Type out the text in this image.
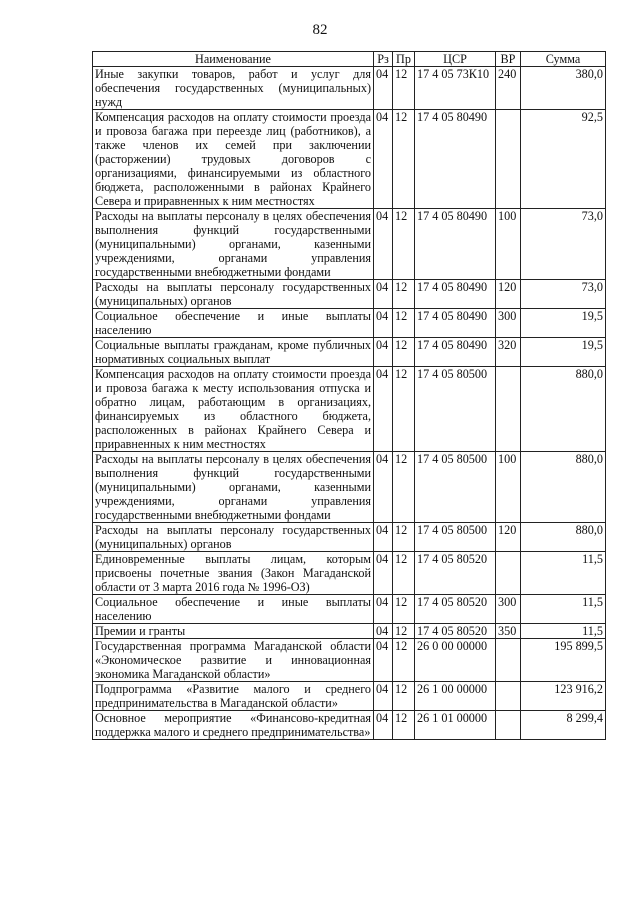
82
Наименование	Рз	Пр	ЦСР	ВР	Сумма
Иные закупки товаров, работ и услуг для обеспечения государственных (муниципальных) нужд	04	12	17 4 05 73К10	240	380,0
Компенсация расходов на оплату стоимости проезда и провоза багажа при переезде лиц (работников), а также членов их семей при заключении (расторжении) трудовых договоров с организациями, финансируемыми из областного бюджета, расположенными в районах Крайнего Севера и приравненных к ним местностях	04	12	17 4 05 80490		92,5
Расходы на выплаты персоналу в целях обеспечения выполнения функций государственными (муниципальными) органами, казенными учреждениями, органами управления государственными внебюджетными фондами	04	12	17 4 05 80490	100	73,0
Расходы на выплаты персоналу государственных (муниципальных) органов	04	12	17 4 05 80490	120	73,0
Социальное обеспечение и иные выплаты населению	04	12	17 4 05 80490	300	19,5
Социальные выплаты гражданам, кроме публичных нормативных социальных выплат	04	12	17 4 05 80490	320	19,5
Компенсация расходов на оплату стоимости проезда и провоза багажа к месту использования отпуска и обратно лицам, работающим в организациях, финансируемых из областного бюджета, расположенных в районах Крайнего Севера и приравненных к ним местностях	04	12	17 4 05 80500		880,0
Расходы на выплаты персоналу в целях обеспечения выполнения функций государственными (муниципальными) органами, казенными учреждениями, органами управления государственными внебюджетными фондами	04	12	17 4 05 80500	100	880,0
Расходы на выплаты персоналу государственных (муниципальных) органов	04	12	17 4 05 80500	120	880,0
Единовременные выплаты лицам, которым присвоены почетные звания (Закон Магаданской области от 3 марта 2016 года № 1996-ОЗ)	04	12	17 4 05 80520		11,5
Социальное обеспечение и иные выплаты населению	04	12	17 4 05 80520	300	11,5
Премии и гранты	04	12	17 4 05 80520	350	11,5
Государственная программа Магаданской области «Экономическое развитие и инновационная экономика Магаданской области»	04	12	26 0 00 00000		195 899,5
Подпрограмма «Развитие малого и среднего предпринимательства в Магаданской области»	04	12	26 1 00 00000		123 916,2
Основное мероприятие «Финансово-кредитная поддержка малого и среднего предпринимательства»	04	12	26 1 01 00000		8 299,4
